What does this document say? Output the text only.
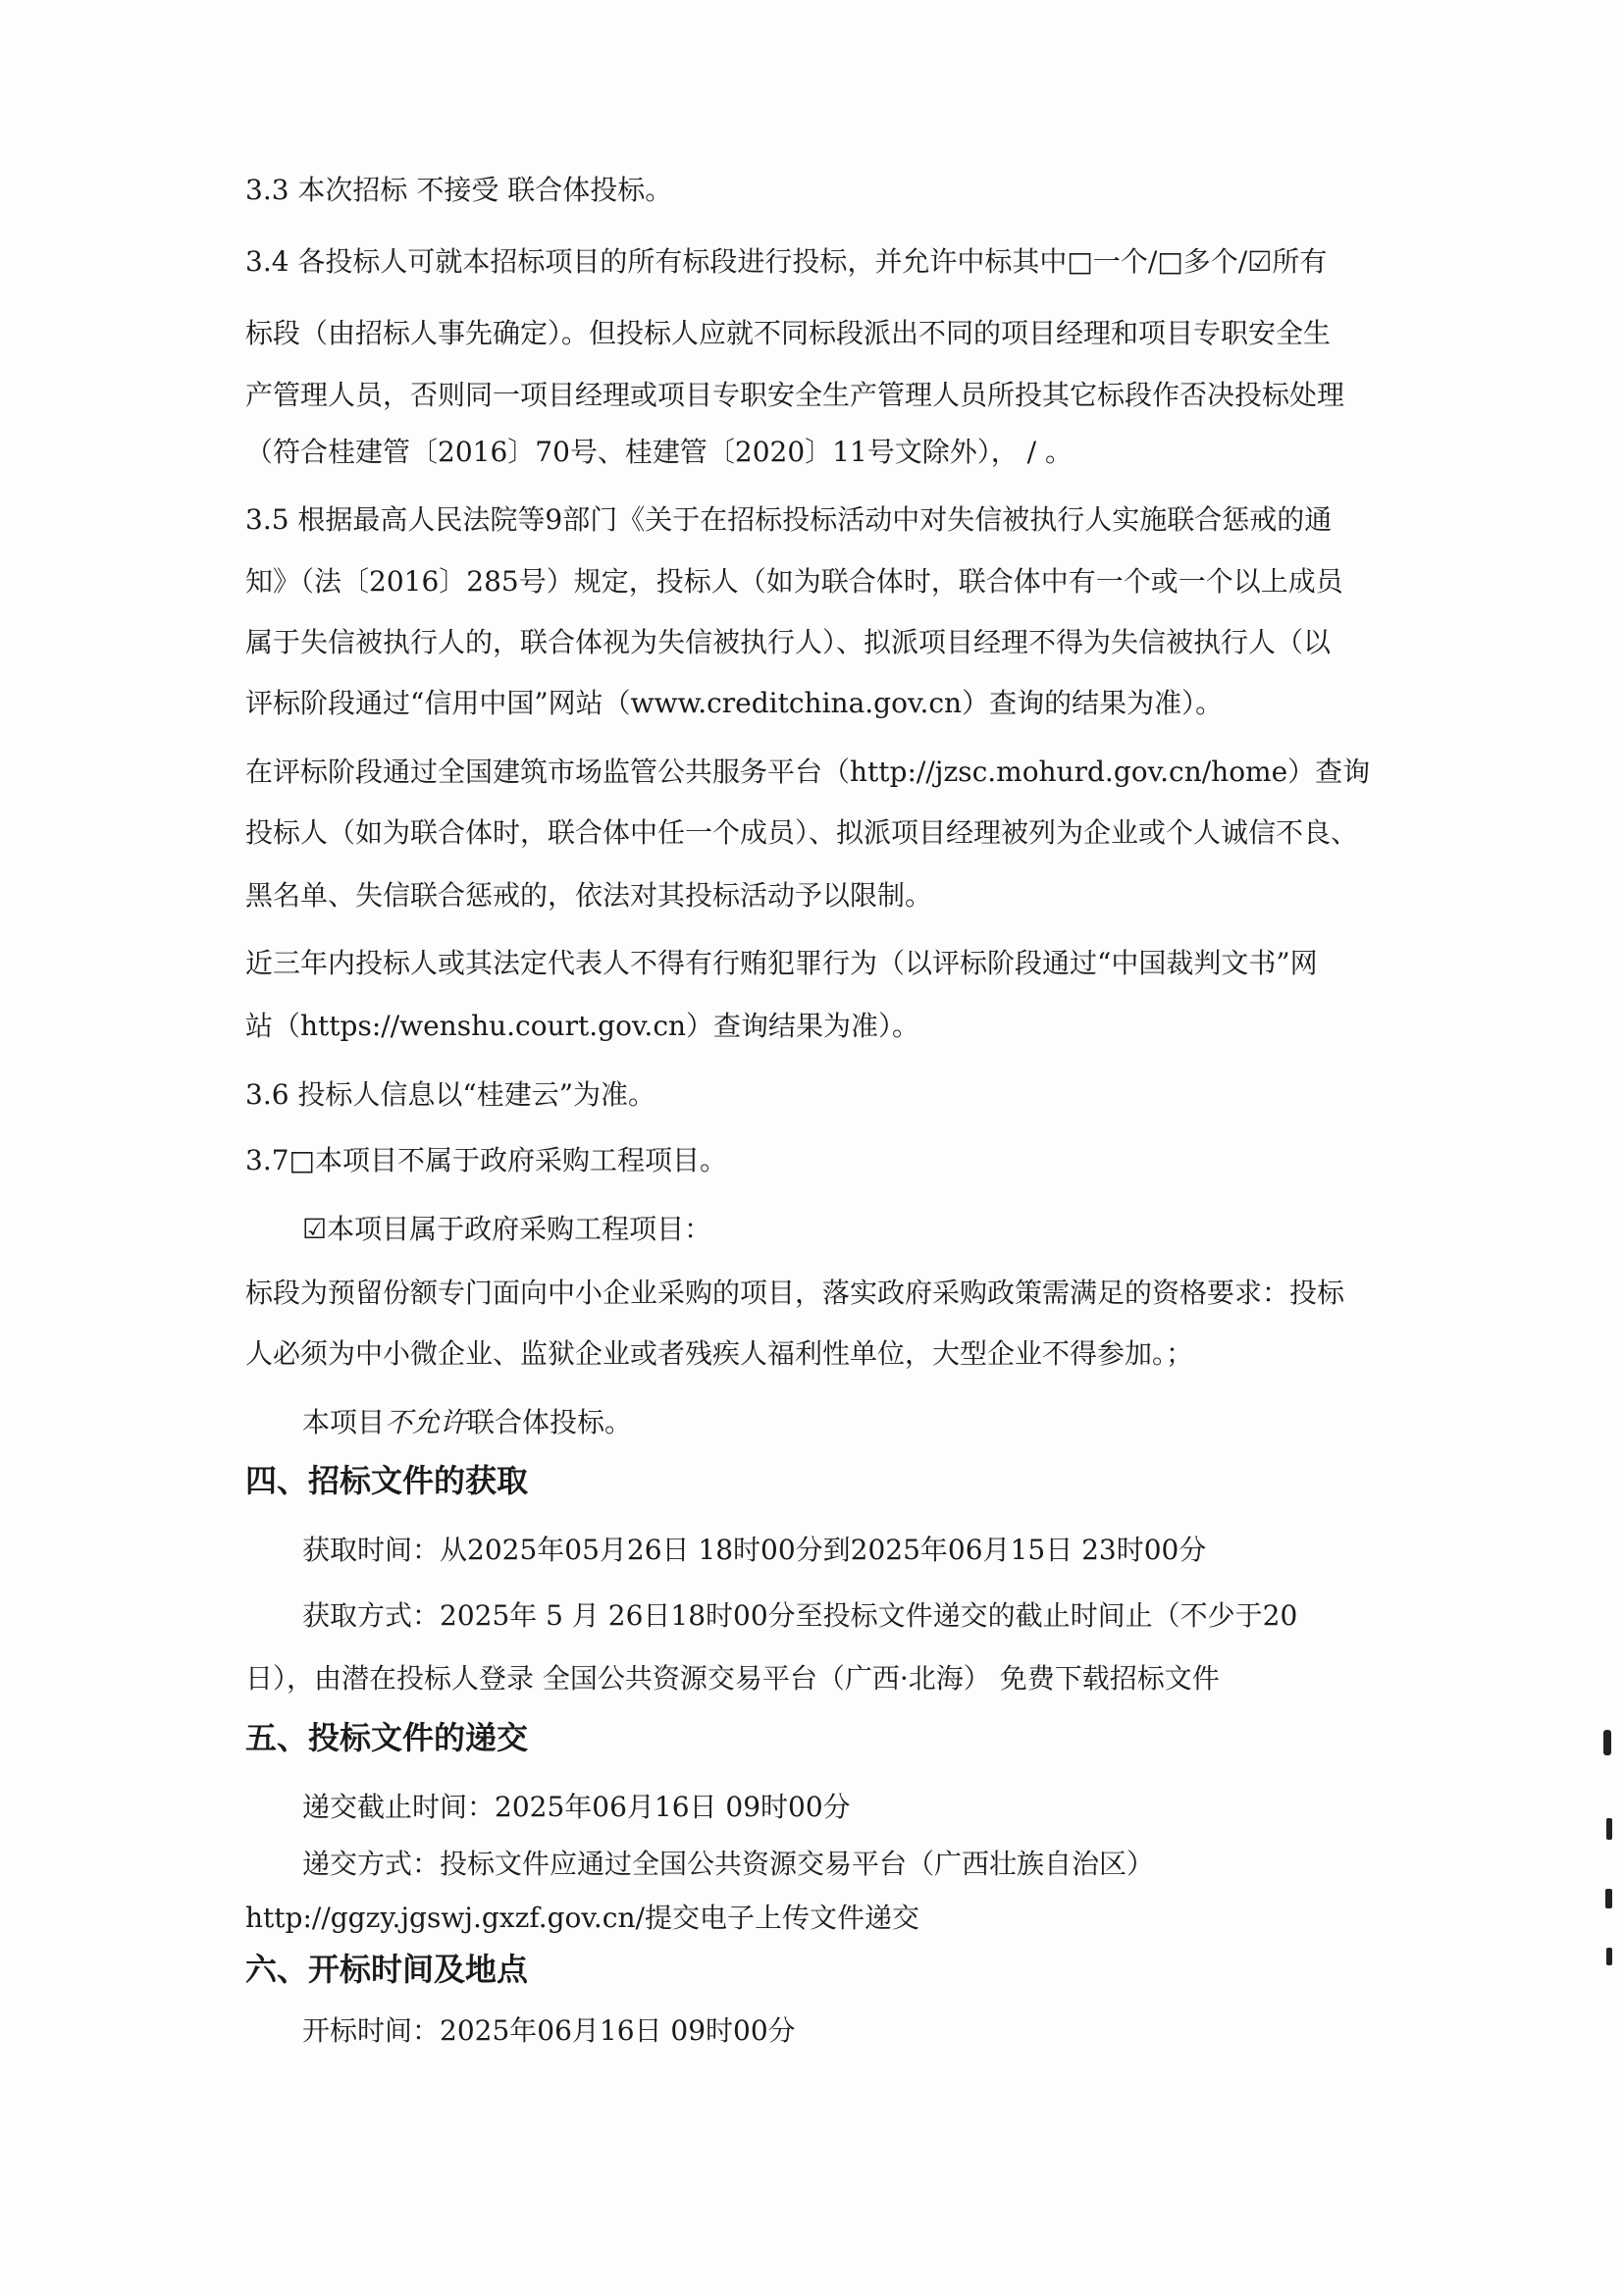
3.3 本次招标 不接受 联合体投标。
3.4 各投标人可就本招标项目的所有标段进行投标，并允许中标其中□一个/□多个/☑所有
标段（由招标人事先确定）。但投标人应就不同标段派出不同的项目经理和项目专职安全生
产管理人员，否则同一项目经理或项目专职安全生产管理人员所投其它标段作否决投标处理
（符合桂建管〔2016〕70号、桂建管〔2020〕11号文除外）， / 。
3.5 根据最高人民法院等9部门《关于在招标投标活动中对失信被执行人实施联合惩戒的通
知》（法〔2016〕285号）规定，投标人（如为联合体时，联合体中有一个或一个以上成员
属于失信被执行人的，联合体视为失信被执行人）、拟派项目经理不得为失信被执行人（以
评标阶段通过“信用中国”网站（www.creditchina.gov.cn）查询的结果为准）。
在评标阶段通过全国建筑市场监管公共服务平台（http://jzsc.mohurd.gov.cn/home）查询
投标人（如为联合体时，联合体中任一个成员）、拟派项目经理被列为企业或个人诚信不良、
黑名单、失信联合惩戒的，依法对其投标活动予以限制。
近三年内投标人或其法定代表人不得有行贿犯罪行为（以评标阶段通过“中国裁判文书”网
站（https://wenshu.court.gov.cn）查询结果为准）。
3.6 投标人信息以“桂建云”为准。
3.7□本项目不属于政府采购工程项目。
☑本项目属于政府采购工程项目：
标段为预留份额专门面向中小企业采购的项目，落实政府采购政策需满足的资格要求：投标
人必须为中小微企业、监狱企业或者残疾人福利性单位，大型企业不得参加。；
本项目不允许联合体投标。
四、招标文件的获取
获取时间：从2025年05月26日 18时00分到2025年06月15日 23时00分
获取方式：2025年 5 月 26日18时00分至投标文件递交的截止时间止（不少于20
日），由潜在投标人登录 全国公共资源交易平台（广西·北海） 免费下载招标文件
五、投标文件的递交
递交截止时间：2025年06月16日 09时00分
递交方式：投标文件应通过全国公共资源交易平台（广西壮族自治区）
http://ggzy.jgswj.gxzf.gov.cn/提交电子上传文件递交
六、开标时间及地点
开标时间：2025年06月16日 09时00分
